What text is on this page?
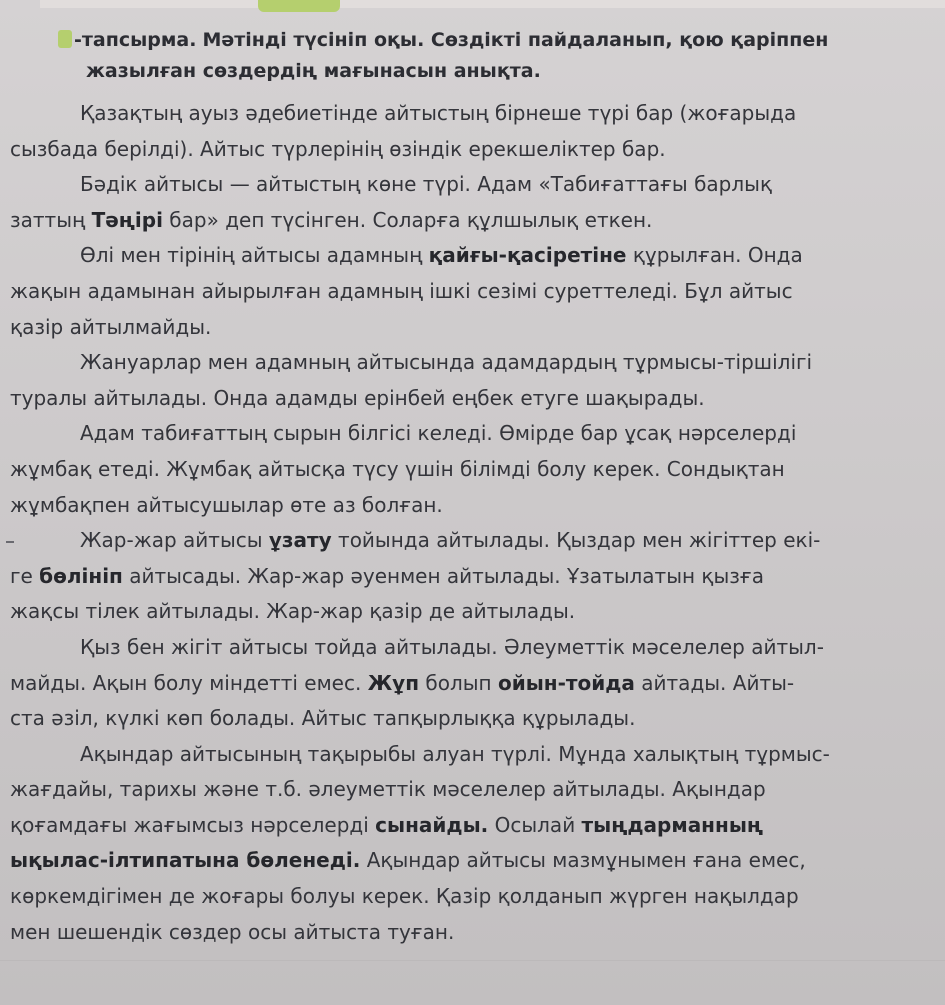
-тапсырма. Мәтінді түсініп оқы. Сөздікті пайдаланып, қою қаріппен
жазылған сөздердің мағынасын анықта.

Қазақтың ауыз әдебиетінде айтыстың бірнеше түрі бар (жоғарыда
сызбада берілді). Айтыс түрлерінің өзіндік ерекшеліктер бар.

Бәдік айтысы — айтыстың көне түрі. Адам «Табиғаттағы барлық
заттың Тәңірі бар» деп түсінген. Соларға құлшылық еткен.

Өлі мен тірінің айтысы адамның қайғы-қасіретіне құрылған. Онда
жақын адамынан айырылған адамның ішкі сезімі суреттеледі. Бұл айтыс
қазір айтылмайды.

Жануарлар мен адамның айтысында адамдардың тұрмысы-тіршілігі
туралы айтылады. Онда адамды ерінбей еңбек етуге шақырады.

Адам табиғаттың сырын білгісі келеді. Өмірде бар ұсақ нәрселерді
жұмбақ етеді. Жұмбақ айтысқа түсу үшін білімді болу керек. Сондықтан
жұмбақпен айтысушылар өте аз болған.

Жар-жар айтысы ұзату тойында айтылады. Қыздар мен жігіттер екі-
ге бөлініп айтысады. Жар-жар әуенмен айтылады. Ұзатылатын қызға
жақсы тілек айтылады. Жар-жар қазір де айтылады.

Қыз бен жігіт айтысы тойда айтылады. Әлеуметтік мәселелер айтыл-
майды. Ақын болу міндетті емес. Жұп болып ойын-тойда айтады. Айты-
ста әзіл, күлкі көп болады. Айтыс тапқырлыққа құрылады.

Ақындар айтысының тақырыбы алуан түрлі. Мұнда халықтың тұрмыс-
жағдайы, тарихы және т.б. әлеуметтік мәселелер айтылады. Ақындар
қоғамдағы жағымсыз нәрселерді сынайды. Осылай тыңдарманның
ықылас-ілтипатына бөленеді. Ақындар айтысы мазмұнымен ғана емес,
көркемдігімен де жоғары болуы керек. Қазір қолданып жүрген нақылдар
мен шешендік сөздер осы айтыста туған.
